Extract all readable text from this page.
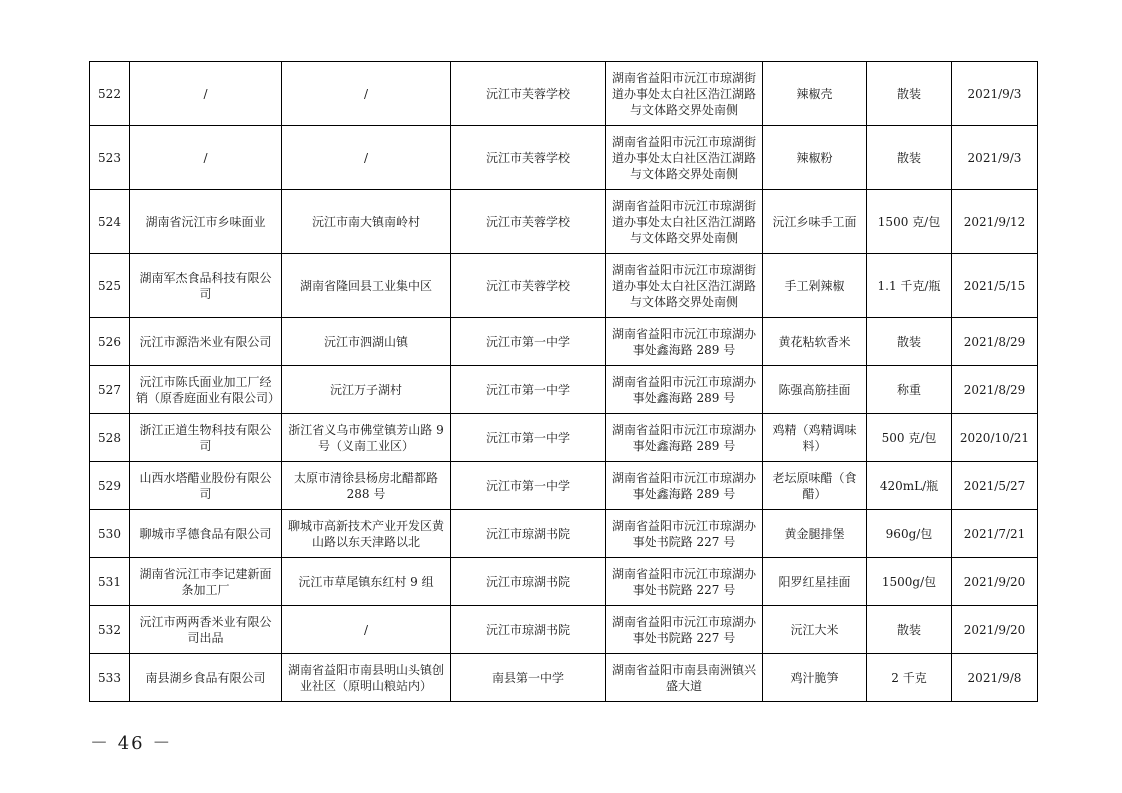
522	/	/	沅江市芙蓉学校	湖南省益阳市沅江市琼湖街道办事处太白社区浩江湖路与文体路交界处南侧	辣椒壳	散装	2021/9/3
523	/	/	沅江市芙蓉学校	湖南省益阳市沅江市琼湖街道办事处太白社区浩江湖路与文体路交界处南侧	辣椒粉	散装	2021/9/3
524	湖南省沅江市乡味面业	沅江市南大镇南岭村	沅江市芙蓉学校	湖南省益阳市沅江市琼湖街道办事处太白社区浩江湖路与文体路交界处南侧	沅江乡味手工面	1500 克/包	2021/9/12
525	湖南军杰食品科技有限公司	湖南省隆回县工业集中区	沅江市芙蓉学校	湖南省益阳市沅江市琼湖街道办事处太白社区浩江湖路与文体路交界处南侧	手工剁辣椒	1.1 千克/瓶	2021/5/15
526	沅江市源浩米业有限公司	沅江市泗湖山镇	沅江市第一中学	湖南省益阳市沅江市琼湖办事处鑫海路 289 号	黄花粘软香米	散装	2021/8/29
527	沅江市陈氏面业加工厂经销（原香庭面业有限公司）	沅江万子湖村	沅江市第一中学	湖南省益阳市沅江市琼湖办事处鑫海路 289 号	陈强高筋挂面	称重	2021/8/29
528	浙江正道生物科技有限公司	浙江省义乌市佛堂镇芳山路 9 号（义南工业区）	沅江市第一中学	湖南省益阳市沅江市琼湖办事处鑫海路 289 号	鸡精（鸡精调味料）	500 克/包	2020/10/21
529	山西水塔醋业股份有限公司	太原市清徐县杨房北醋都路 288 号	沅江市第一中学	湖南省益阳市沅江市琼湖办事处鑫海路 289 号	老坛原味醋（食醋）	420mL/瓶	2021/5/27
530	聊城市孚德食品有限公司	聊城市高新技术产业开发区黄山路以东天津路以北	沅江市琼湖书院	湖南省益阳市沅江市琼湖办事处书院路 227 号	黄金腿排堡	960g/包	2021/7/21
531	湖南省沅江市李记建新面条加工厂	沅江市草尾镇东红村 9 组	沅江市琼湖书院	湖南省益阳市沅江市琼湖办事处书院路 227 号	阳罗红星挂面	1500g/包	2021/9/20
532	沅江市两两香米业有限公司出品	/	沅江市琼湖书院	湖南省益阳市沅江市琼湖办事处书院路 227 号	沅江大米	散装	2021/9/20
533	南县湖乡食品有限公司	湖南省益阳市南县明山头镇创业社区（原明山粮站内）	南县第一中学	湖南省益阳市南县南洲镇兴盛大道	鸡汁脆笋	2 千克	2021/9/8
－ 46 －
